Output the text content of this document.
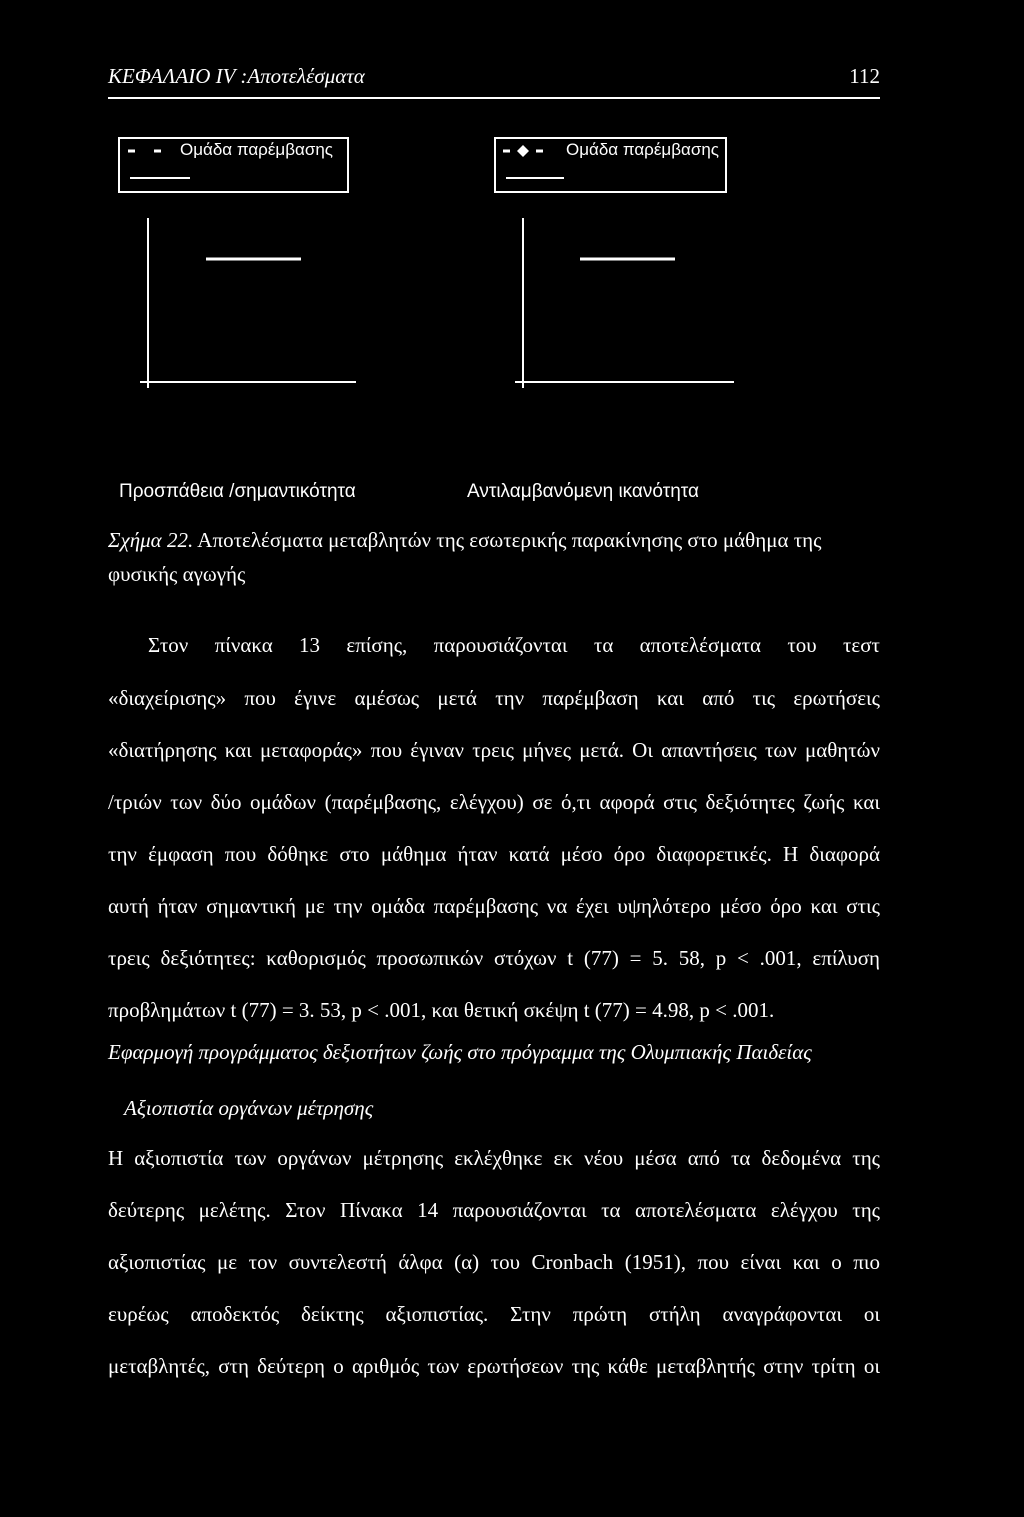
ΚΕΦΑΛΑΙΟ IV :Αποτελέσματα	112
Ομάδα παρέμβασης	Ομάδα παρέμβασης
Προσπάθεια /σημαντικότητα	Αντιλαμβανόμενη ικανότητα
Σχήμα 22. Αποτελέσματα μεταβλητών της εσωτερικής παρακίνησης στο μάθημα της φυσικής αγωγής
Στον πίνακα 13 επίσης, παρουσιάζονται τα αποτελέσματα του τεστ
«διαχείρισης» που έγινε αμέσως μετά την παρέμβαση και από τις ερωτήσεις
«διατήρησης και μεταφοράς» που έγιναν τρεις μήνες μετά. Οι απαντήσεις των μαθητών
/τριών των δύο ομάδων (παρέμβασης, ελέγχου) σε ό,τι αφορά στις δεξιότητες ζωής και
την έμφαση που δόθηκε στο μάθημα ήταν κατά μέσο όρο διαφορετικές. Η διαφορά
αυτή ήταν σημαντική με την ομάδα παρέμβασης να έχει υψηλότερο μέσο όρο και στις
τρεις δεξιότητες: καθορισμός προσωπικών στόχων t (77) = 5. 58, p < .001, επίλυση
προβλημάτων t (77) = 3. 53, p < .001, και θετική σκέψη t (77) = 4.98, p < .001.
Εφαρμογή προγράμματος δεξιοτήτων ζωής στο πρόγραμμα της Ολυμπιακής Παιδείας
Αξιοπιστία οργάνων μέτρησης
Η αξιοπιστία των οργάνων μέτρησης εκλέχθηκε εκ νέου μέσα από τα δεδομένα της
δεύτερης μελέτης. Στον Πίνακα 14 παρουσιάζονται τα αποτελέσματα ελέγχου της
αξιοπιστίας με τον συντελεστή άλφα (α) του Cronbach (1951), που είναι και ο πιο
ευρέως αποδεκτός δείκτης αξιοπιστίας. Στην πρώτη στήλη αναγράφονται οι
μεταβλητές, στη δεύτερη ο αριθμός των ερωτήσεων της κάθε μεταβλητής στην τρίτη οι
